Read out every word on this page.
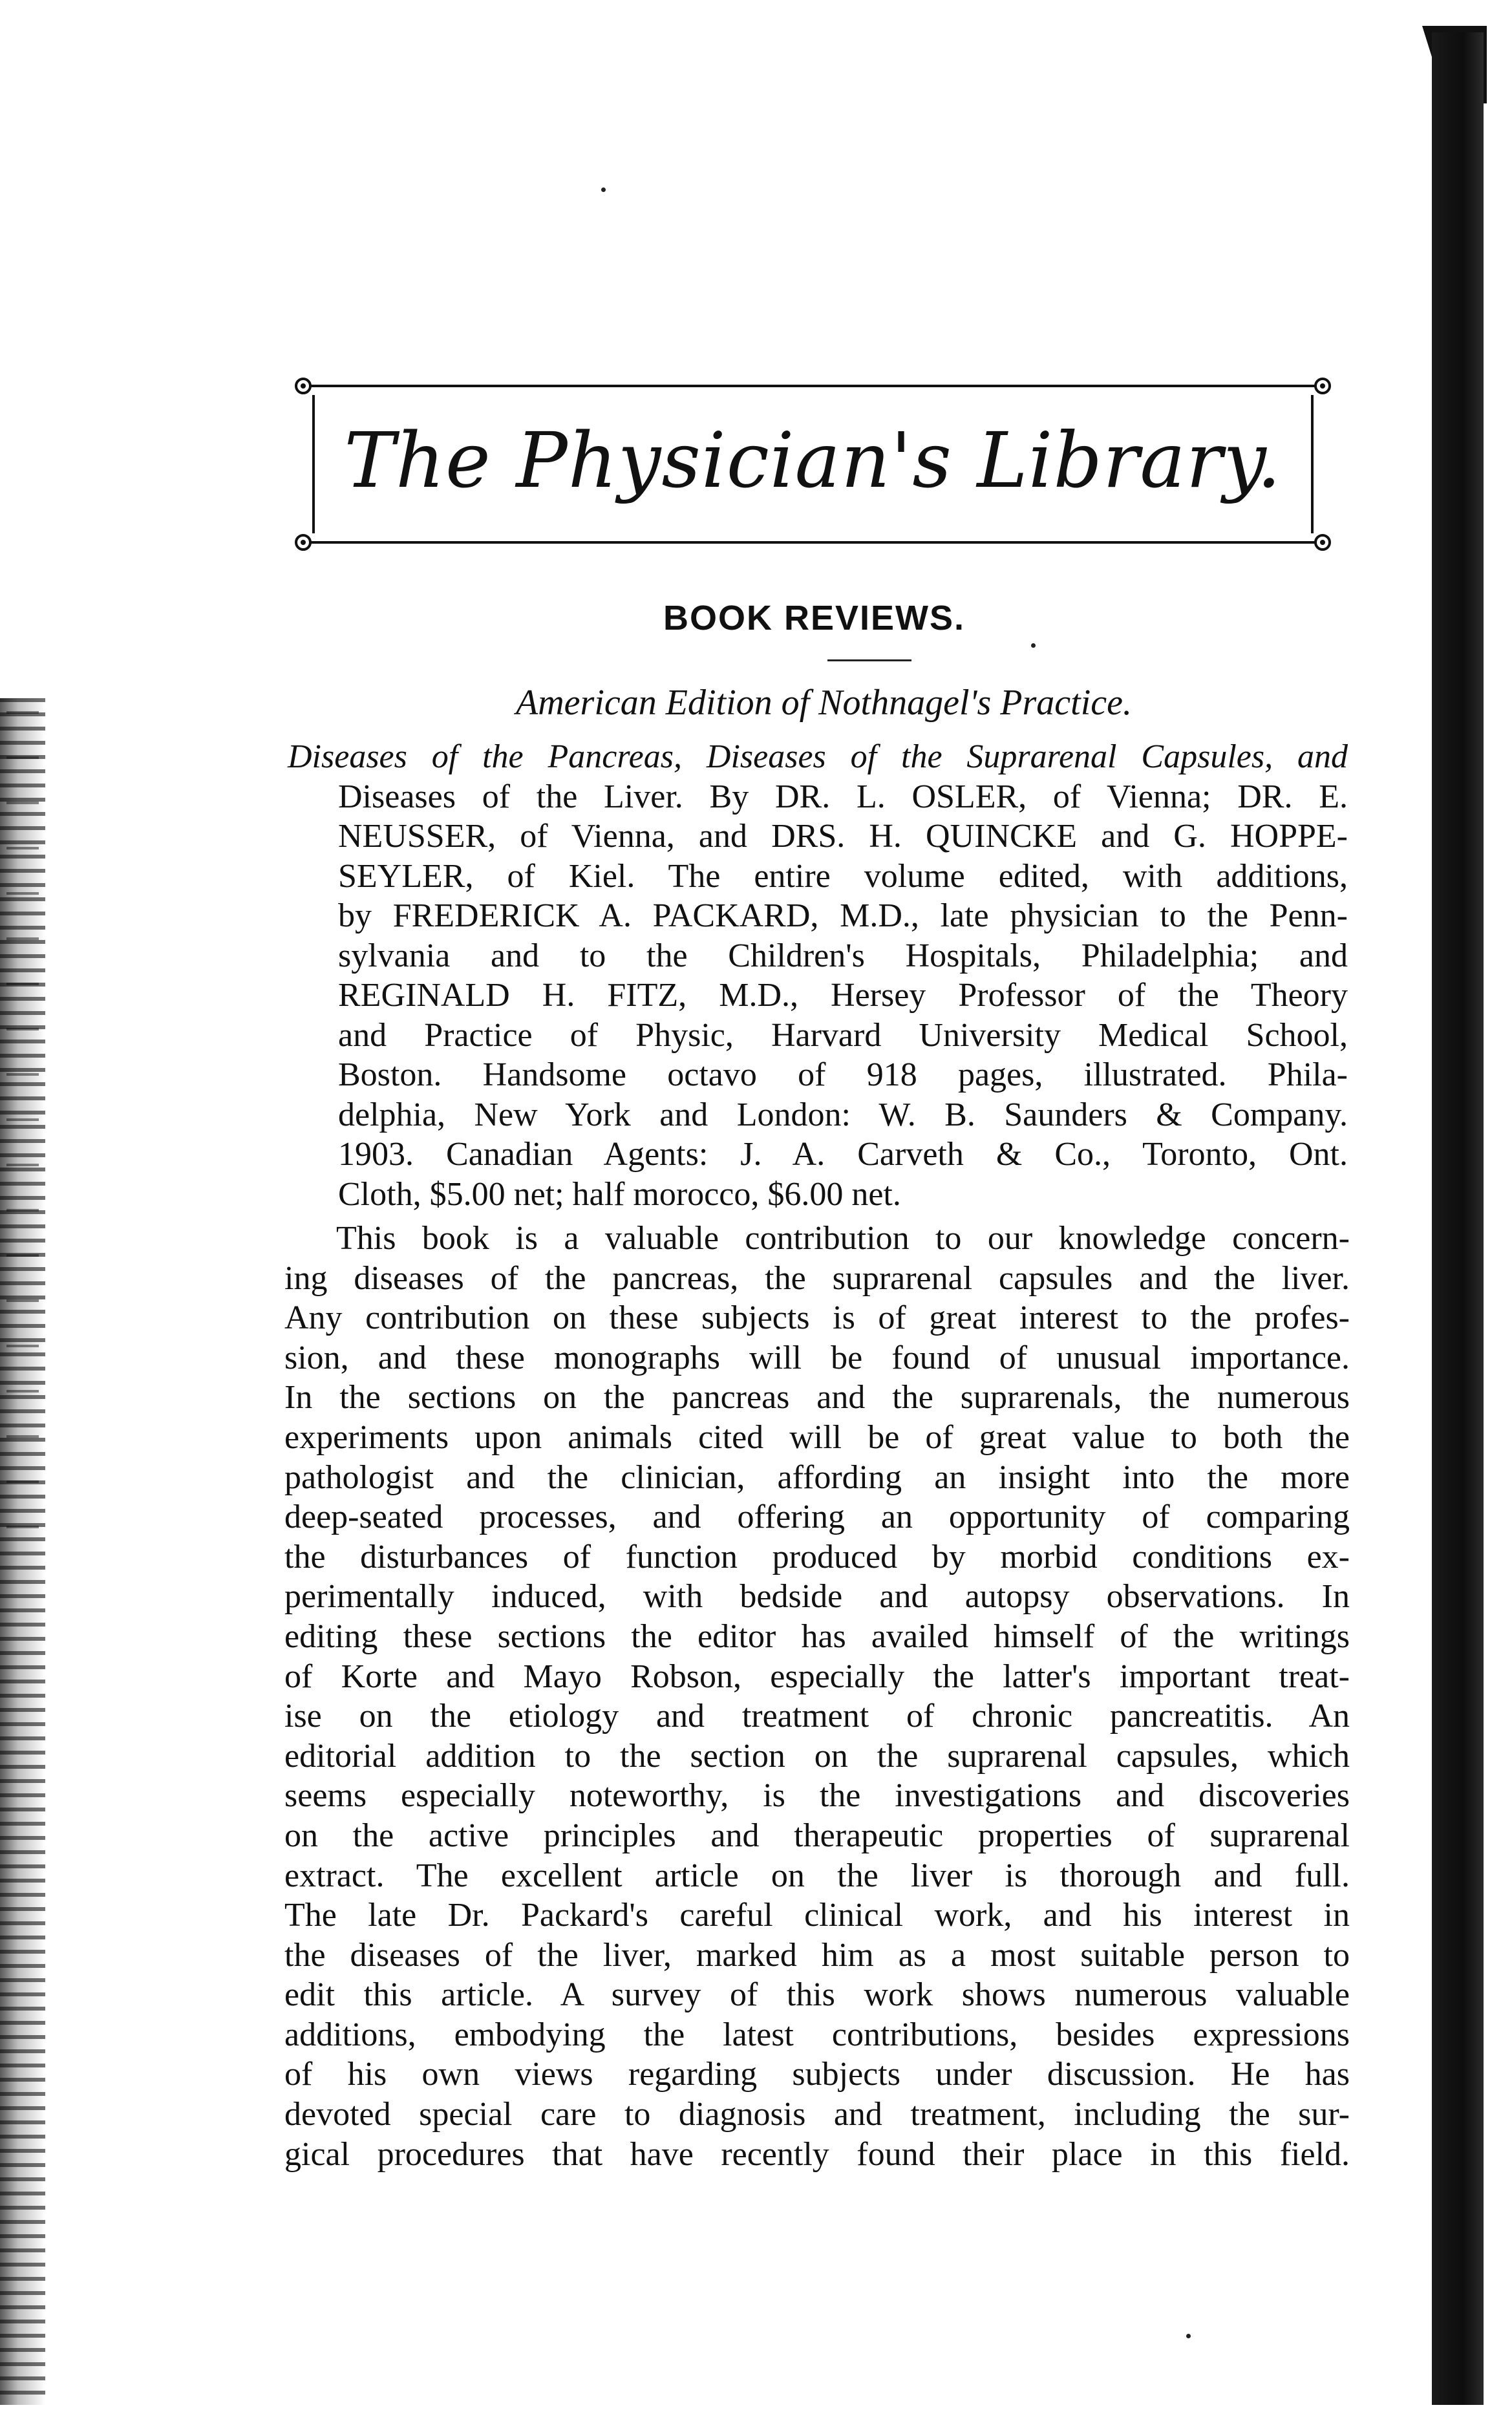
The Physician's Library.
BOOK REVIEWS.

American Edition of Nothnagel's Practice.

Diseases of the Pancreas, Diseases of the Suprarenal Capsules, and
Diseases of the Liver. By DR. L. OSLER, of Vienna; DR. E.
NEUSSER, of Vienna, and DRS. H. QUINCKE and G. HOPPE-
SEYLER, of Kiel. The entire volume edited, with additions,
by FREDERICK A. PACKARD, M.D., late physician to the Penn-
sylvania and to the Children's Hospitals, Philadelphia; and
REGINALD H. FITZ, M.D., Hersey Professor of the Theory
and Practice of Physic, Harvard University Medical School,
Boston. Handsome octavo of 918 pages, illustrated. Phila-
delphia, New York and London: W. B. Saunders & Company.
1903. Canadian Agents: J. A. Carveth & Co., Toronto, Ont.
Cloth, $5.00 net; half morocco, $6.00 net.
This book is a valuable contribution to our knowledge concern-
ing diseases of the pancreas, the suprarenal capsules and the liver.
Any contribution on these subjects is of great interest to the profes-
sion, and these monographs will be found of unusual importance.
In the sections on the pancreas and the suprarenals, the numerous
experiments upon animals cited will be of great value to both the
pathologist and the clinician, affording an insight into the more
deep-seated processes, and offering an opportunity of comparing
the disturbances of function produced by morbid conditions ex-
perimentally induced, with bedside and autopsy observations. In
editing these sections the editor has availed himself of the writings
of Korte and Mayo Robson, especially the latter's important treat-
ise on the etiology and treatment of chronic pancreatitis. An
editorial addition to the section on the suprarenal capsules, which
seems especially noteworthy, is the investigations and discoveries
on the active principles and therapeutic properties of suprarenal
extract. The excellent article on the liver is thorough and full.
The late Dr. Packard's careful clinical work, and his interest in
the diseases of the liver, marked him as a most suitable person to
edit this article. A survey of this work shows numerous valuable
additions, embodying the latest contributions, besides expressions
of his own views regarding subjects under discussion. He has
devoted special care to diagnosis and treatment, including the sur-
gical procedures that have recently found their place in this field.
